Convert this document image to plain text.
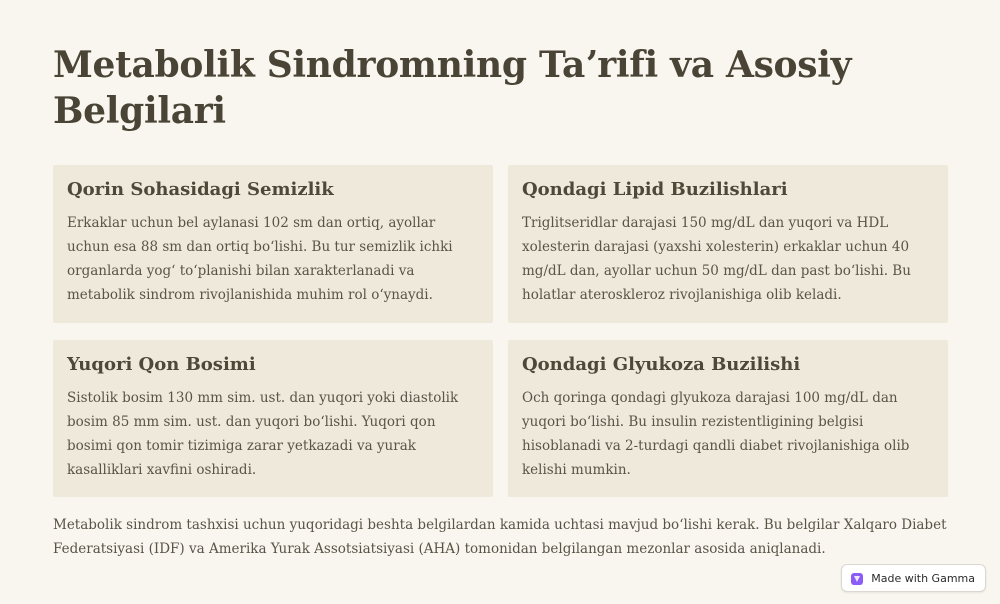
Metabolik Sindromning Taʼrifi va Asosiy Belgilari
Qorin Sohasidagi Semizlik

Erkaklar uchun bel aylanasi 102 sm dan ortiq, ayollar uchun esa 88 sm dan ortiq boʻlishi. Bu tur semizlik ichki organlarda yogʻ toʻplanishi bilan xarakterlanadi va metabolik sindrom rivojlanishida muhim rol oʻynaydi.

Qondagi Lipid Buzilishlari

Triglitseridlar darajasi 150 mg/dL dan yuqori va HDL xolesterin darajasi (yaxshi xolesterin) erkaklar uchun 40 mg/dL dan, ayollar uchun 50 mg/dL dan past boʻlishi. Bu holatlar ateroskleroz rivojlanishiga olib keladi.

Yuqori Qon Bosimi

Sistolik bosim 130 mm sim. ust. dan yuqori yoki diastolik bosim 85 mm sim. ust. dan yuqori boʻlishi. Yuqori qon bosimi qon tomir tizimiga zarar yetkazadi va yurak kasalliklari xavfini oshiradi.

Qondagi Glyukoza Buzilishi

Och qoringa qondagi glyukoza darajasi 100 mg/dL dan yuqori boʻlishi. Bu insulin rezistentligining belgisi hisoblanadi va 2-turdagi qandli diabet rivojlanishiga olib kelishi mumkin.

Metabolik sindrom tashxisi uchun yuqoridagi beshta belgilardan kamida uchtasi mavjud boʻlishi kerak. Bu belgilar Xalqaro Diabet Federatsiyasi (IDF) va Amerika Yurak Assotsiatsiyasi (AHA) tomonidan belgilangan mezonlar asosida aniqlanadi.

Made with Gamma
